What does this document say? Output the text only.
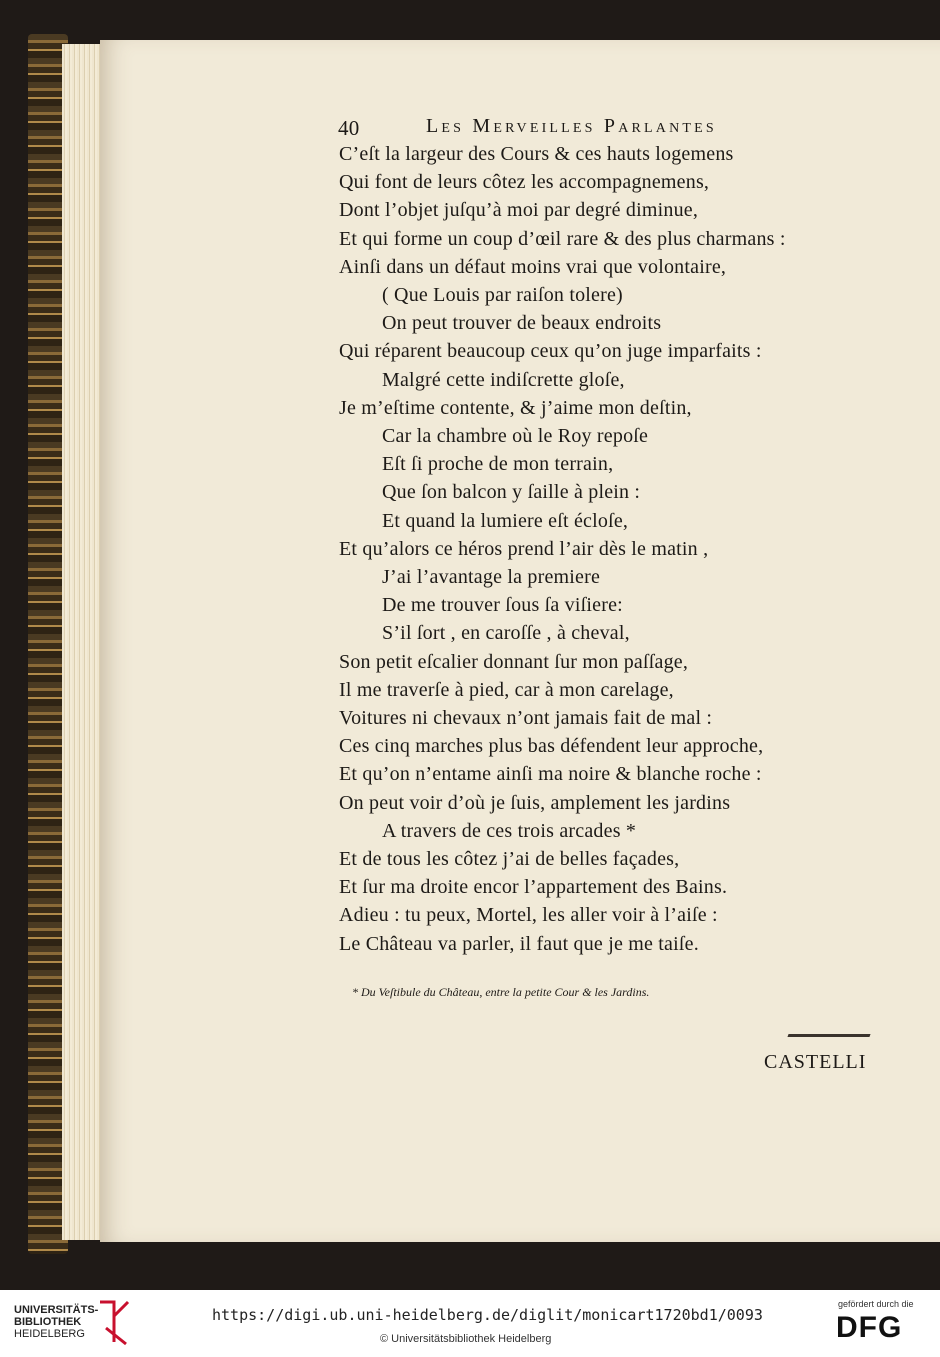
40	Les Merveilles Parlantes
C’eſt la largeur des Cours & ces hauts logemens
Qui font de leurs côtez les accompagnemens,
Dont l’objet juſqu’à moi par degré diminue,
Et qui forme un coup d’œil rare & des plus charmans :
Ainſi dans un défaut moins vrai que volontaire,
( Que Louis par raiſon tolere)
On peut trouver de beaux endroits
Qui réparent beaucoup ceux qu’on juge imparfaits :
Malgré cette indiſcrette gloſe,
Je m’eſtime contente, & j’aime mon deſtin,
Car la chambre où le Roy repoſe
Eſt ſi proche de mon terrain,
Que ſon balcon y ſaille à plein :
Et quand la lumiere eſt écloſe,
Et qu’alors ce héros prend l’air dès le matin ,
J’ai l’avantage la premiere
De me trouver ſous ſa viſiere:
S’il ſort , en caroſſe , à cheval,
Son petit eſcalier donnant ſur mon paſſage,
Il me traverſe à pied, car à mon carelage,
Voitures ni chevaux n’ont jamais fait de mal :
Ces cinq marches plus bas défendent leur approche,
Et qu’on n’entame ainſi ma noire & blanche roche :
On peut voir d’où je ſuis, amplement les jardins
A travers de ces trois arcades *
Et de tous les côtez j’ai de belles façades,
Et ſur ma droite encor l’appartement des Bains.
Adieu : tu peux, Mortel, les aller voir à l’aiſe :
Le Château va parler, il faut que je me taiſe.
* Du Veſtibule du Château, entre la petite Cour & les Jardins.
CASTELLI
UNIVERSITÄTS-
BIBLIOTHEK
HEIDELBERG
https://digi.ub.uni-heidelberg.de/diglit/monicart1720bd1/0093
© Universitätsbibliothek Heidelberg
gefördert durch die
DFG
